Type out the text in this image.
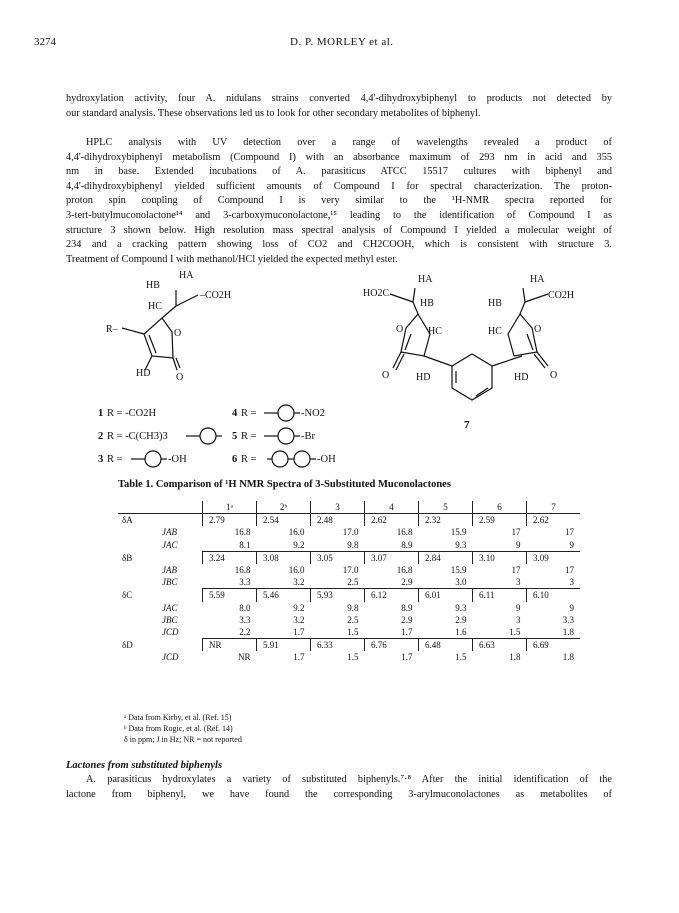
3274	D. P. MORLEY et al.
hydroxylation activity, four A. nidulans strains converted 4,4'-dihydroxybiphenyl to products not detected by
our standard analysis. These observations led us to look for other secondary metabolites of biphenyl.
HPLC analysis with UV detection over a range of wavelengths revealed a product of
4,4'-dihydroxybiphenyl metabolism (Compound I) with an absorbance maximum of 293 nm in acid and 355
nm in base. Extended incubations of A. parasiticus ATCC 15517 cultures with biphenyl and
4,4'-dihydroxybiphenyl yielded sufficient amounts of Compound I for spectral characterization. The proton-
proton spin coupling of Compound I is very similar to the ¹H-NMR spectra reported for
3-tert-butylmuconolactone¹⁴ and 3-carboxymuconolactone,¹⁵ leading to the identification of Compound I as
structure 3 shown below. High resolution mass spectral analysis of Compound I yielded a molecular weight of
234 and a cracking pattern showing loss of CO2 and CH2COOH, which is consistent with structure 3.
Treatment of Compound I with methanol/HCl yielded the expected methyl ester.
HA
HB
HC
R–
–CO2H
O
O
HD
HA
HO2C
HB
O HC
O	HD
HA
CO2H
HB
HC	O
O
HD
7
1 R = -CO2H
2 R = -C(CH3)3
3 R =	-OH
4 R =	-NO2
5 R =	-Br
6 R =	-OH
Table 1. Comparison of ¹H NMR Spectra of 3-Substituted Muconolactones
		1ᵃ	2ᵇ	3	4	5	6	7
δA		2.79	2.54	2.48	2.62	2.32	2.59	2.62
	JAB	16.8	16.0	17.0	16.8	15.9	17	17
	JAC	8.1	9.2	9.8	8.9	9.3	9	9
δB		3.24	3.08	3.05	3.07	2.84	3.10	3.09
	JAB	16.8	16.0	17.0	16.8	15.9	17	17
	JBC	3.3	3.2	2.5	2.9	3.0	3	3
δC		5.59	5.46	5.93	6.12	6.01	6.11	6.10
	JAC	8.0	9.2	9.8	8.9	9.3	9	9
	JBC	3.3	3.2	2.5	2.9	2.9	3	3.3
	JCD	2.2	1.7	1.5	1.7	1.6	1.5	1.8
δD		NR	5.91	6.33	6.76	6.48	6.63	6.69
	JCD	NR	1.7	1.5	1.7	1.5	1.8	1.8
ᵃ Data from Kirby, et al. (Ref. 15)
ᵇ Data from Rogic, et al. (Ref. 14)
δ in ppm; J in Hz; NR = not reported
Lactones from substituted biphenyls
A. parasiticus hydroxylates a variety of substituted biphenyls.⁷·⁸ After the initial identification of the
lactone from biphenyl, we have found the corresponding 3-arylmuconolactones as metabolites of
